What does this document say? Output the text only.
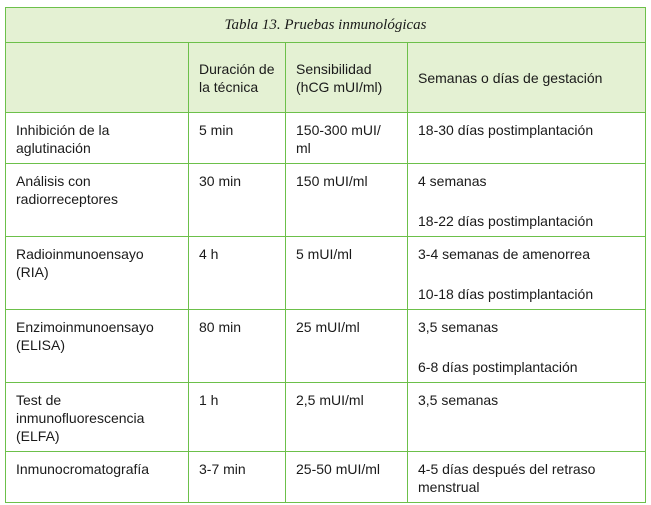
Tabla 13. Pruebas inmunológicas			
	Duración de la técnica	Sensibilidad (hCG mUI/ml)	Semanas o días de gestación
Inhibición de la aglutinación	5 min	150-300 mUI/ ml	18-30 días postimplantación

Análisis con radiorreceptores	30 min	150 mUI/ml	4 semanas
18-22 días postimplantación

Radioinmunoensayo (RIA)	4 h	5 mUI/ml	3-4 semanas de amenorrea
10-18 días postimplantación

Enzimoinmunoensayo (ELISA)	80 min	25 mUI/ml	3,5 semanas
6-8 días postimplantación

Test de inmunofluorescencia (ELFA)	1 h	2,5 mUI/ml	3,5 semanas

Inmunocromatografía	3-7 min	25-50 mUI/ml	4-5 días después del retraso menstrual
